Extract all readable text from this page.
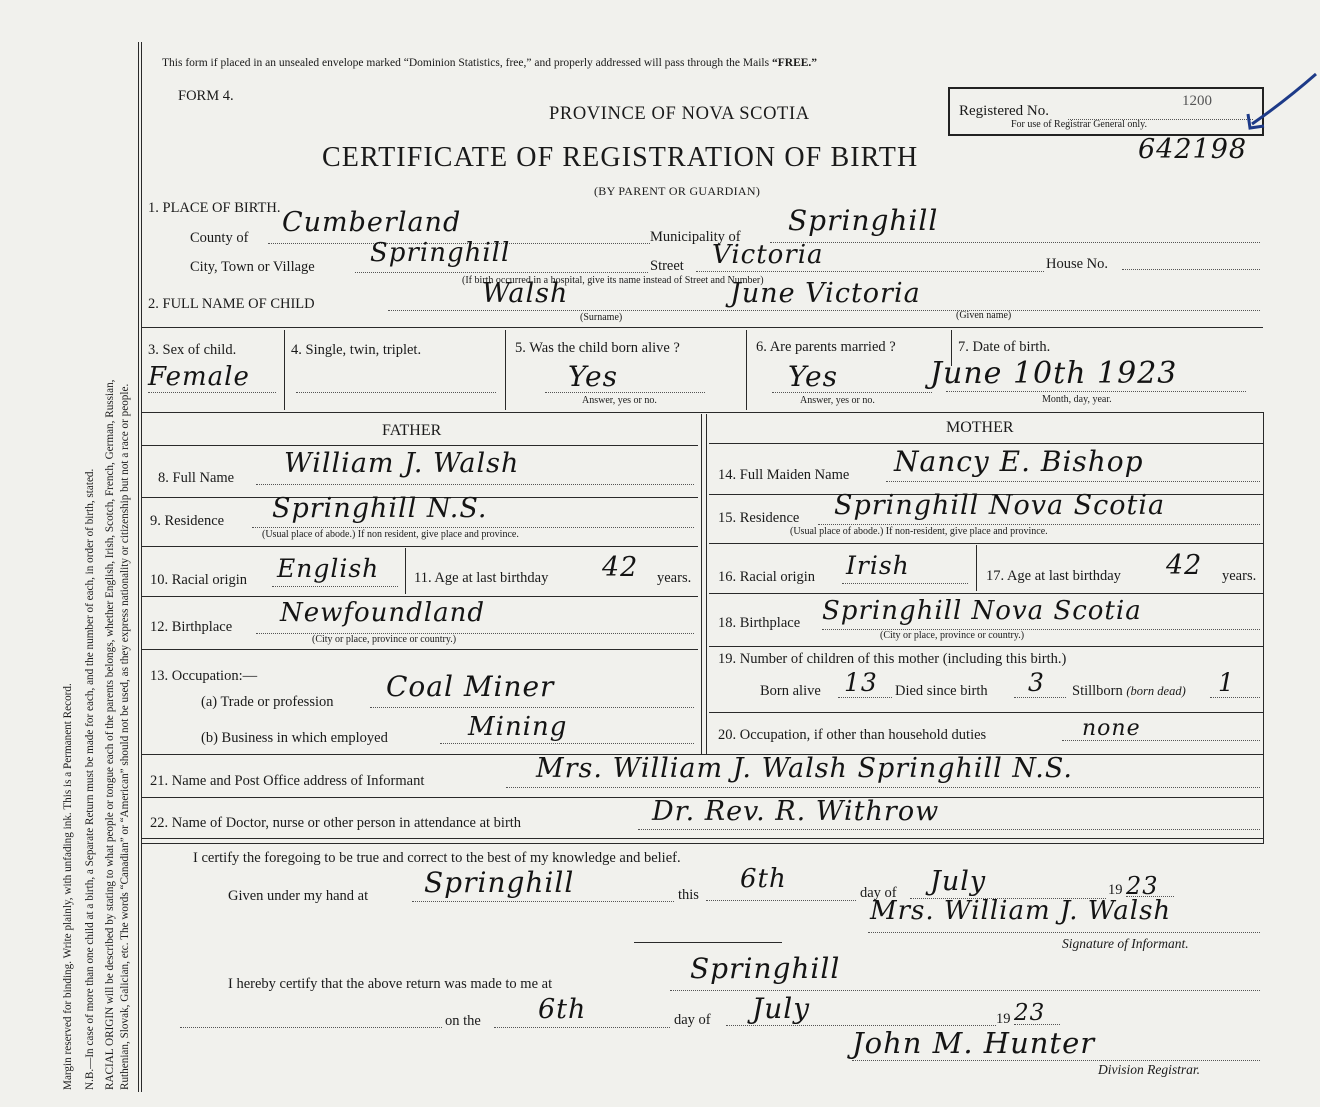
Margin reserved for binding. Write plainly, with unfading ink. This is a Permanent Record. N.B.—In case of more than one child at a birth, a Separate Return must be made for each, and the number of each, in order of birth, stated. RACIAL ORIGIN will be described by stating to what people or tongue each of the parents belongs, whether English, Irish, Scotch, French, German, Russian, Ruthenian, Slovak, Galician, etc. The words “Canadian” or “American” should not be used, as they express nationality or citizenship but not a race or people.
This form if placed in an unsealed envelope marked “Dominion Statistics, free,” and properly addressed will pass through the Mails “FREE.”
FORM 4.
PROVINCE OF NOVA SCOTIA
CERTIFICATE OF REGISTRATION OF BIRTH
(BY PARENT OR GUARDIAN)
Registered No.
For use of Registrar General only.
1200
642198
1. PLACE OF BIRTH.
County of Cumberland	Municipality of Springhill
City, Town or Village Springhill	Street Victoria	House No.
(If birth occurred in a hospital, give its name instead of Street and Number)
2. FULL NAME OF CHILD	Walsh	June Victoria
(Surname)	(Given name)
3. Sex of child.
Female
4. Single, twin, triplet.	5. Was the child born alive ?
Yes
Answer, yes or no.
6. Are parents married ?
Yes
Answer, yes or no.
7. Date of birth.
June 10th 1923
Month, day, year.
FATHER	MOTHER
8. Full Name William J. Walsh
9. Residence Springhill N.S.
(Usual place of abode.) If non resident, give place and province.
10. Racial origin English 11. Age at last birthday 42 years.
12. Birthplace Newfoundland
(City or place, province or country.)
13. Occupation:—
(a) Trade or profession Coal Miner
(b) Business in which employed	Mining
14. Full Maiden Name Nancy E. Bishop
15. Residence Springhill Nova Scotia
(Usual place of abode.) If non-resident, give place and province.
16. Racial origin Irish	17. Age at last birthday 42 years.
18. Birthplace Springhill Nova Scotia
(City or place, province or country.)
19. Number of children of this mother (including this birth.)
Born alive 13 Died since birth 3 Stillborn (born dead) 1
20. Occupation, if other than household duties	none
21. Name and Post Office address of Informant	Mrs. William J. Walsh Springhill N.S.
22. Name of Doctor, nurse or other person in attendance at birth	Dr. Rev. R. Withrow
I certify the foregoing to be true and correct to the best of my knowledge and belief.
Given under my hand at Springhill	this
6th	day of July	19 23
Mrs. William J. Walsh
Signature of Informant.
I hereby certify that the above return was made to me at	Springhill
on the 6th	day of July	19 23
John M. Hunter
Division Registrar.
